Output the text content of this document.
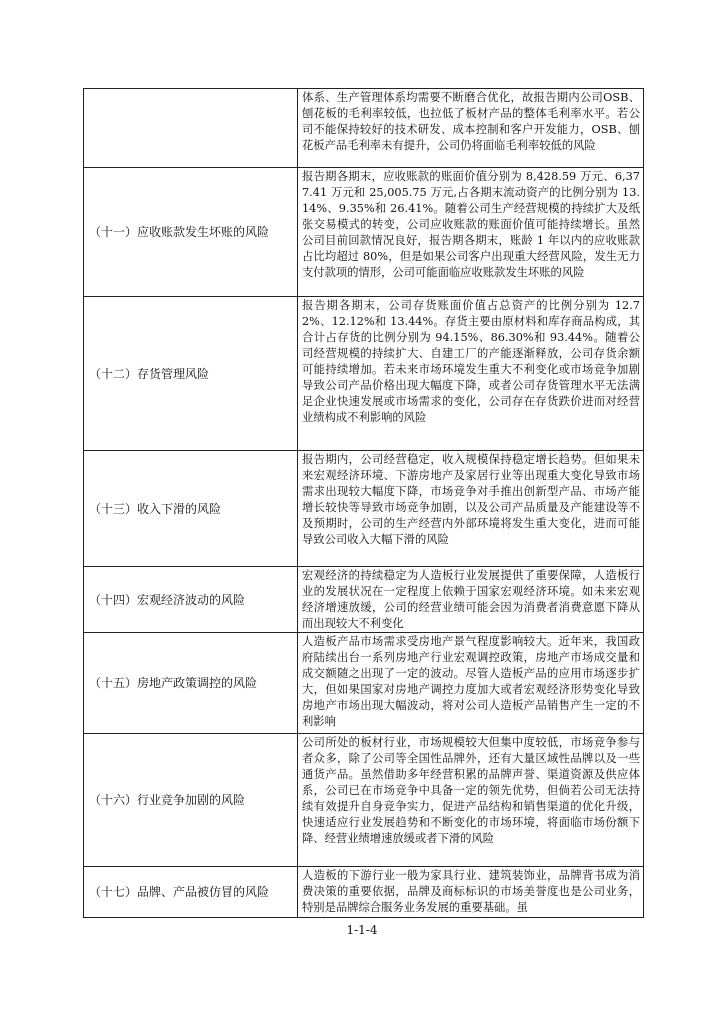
	体系、生产管理体系均需要不断磨合优化，故报告期内公司OSB、刨花板的毛利率较低，也拉低了板材产品的整体毛利率水平。若公司不能保持较好的技术研发、成本控制和客户开发能力，OSB、刨花板产品毛利率未有提升，公司仍将面临毛利率较低的风险
（十一）应收账款发生坏账的风险	报告期各期末，应收账款的账面价值分别为 8,428.59 万元、6,377.41 万元和 25,005.75 万元,占各期末流动资产的比例分别为 13.14%、9.35%和 26.41%。随着公司生产经营规模的持续扩大及纸张交易模式的转变，公司应收账款的账面价值可能持续增长。虽然公司目前回款情况良好，报告期各期末，账龄 1 年以内的应收账款占比均超过 80%，但是如果公司客户出现重大经营风险，发生无力支付款项的情形，公司可能面临应收账款发生坏账的风险
（十二）存货管理风险	报告期各期末，公司存货账面价值占总资产的比例分别为 12.72%、12.12%和 13.44%。存货主要由原材料和库存商品构成，其合计占存货的比例分别为 94.15%、86.30%和 93.44%。随着公司经营规模的持续扩大、自建工厂的产能逐渐释放，公司存货余额可能持续增加。若未来市场环境发生重大不利变化或市场竞争加剧导致公司产品价格出现大幅度下降，或者公司存货管理水平无法满足企业快速发展或市场需求的变化，公司存在存货跌价进而对经营业绩构成不利影响的风险
（十三）收入下滑的风险	报告期内，公司经营稳定，收入规模保持稳定增长趋势。但如果未来宏观经济环境、下游房地产及家居行业等出现重大变化导致市场需求出现较大幅度下降，市场竞争对手推出创新型产品、市场产能增长较快等导致市场竞争加剧，以及公司产品质量及产能建设等不及预期时，公司的生产经营内外部环境将发生重大变化，进而可能导致公司收入大幅下滑的风险
（十四）宏观经济波动的风险	宏观经济的持续稳定为人造板行业发展提供了重要保障，人造板行业的发展状况在一定程度上依赖于国家宏观经济环境。如未来宏观经济增速放缓，公司的经营业绩可能会因为消费者消费意愿下降从而出现较大不利变化
（十五）房地产政策调控的风险	人造板产品市场需求受房地产景气程度影响较大。近年来，我国政府陆续出台一系列房地产行业宏观调控政策，房地产市场成交量和成交额随之出现了一定的波动。尽管人造板产品的应用市场逐步扩大，但如果国家对房地产调控力度加大或者宏观经济形势变化导致房地产市场出现大幅波动，将对公司人造板产品销售产生一定的不利影响
（十六）行业竞争加剧的风险	公司所处的板材行业，市场规模较大但集中度较低，市场竞争参与者众多，除了公司等全国性品牌外，还有大量区域性品牌以及一些通货产品。虽然借助多年经营积累的品牌声誉、渠道资源及供应体系，公司已在市场竞争中具备一定的领先优势，但倘若公司无法持续有效提升自身竞争实力，促进产品结构和销售渠道的优化升级，快速适应行业发展趋势和不断变化的市场环境，将面临市场份额下降、经营业绩增速放缓或者下滑的风险
（十七）品牌、产品被仿冒的风险	人造板的下游行业一般为家具行业、建筑装饰业，品牌背书成为消费决策的重要依据，品牌及商标标识的市场美誉度也是公司业务，特别是品牌综合服务业务发展的重要基础。虽
1-1-4
